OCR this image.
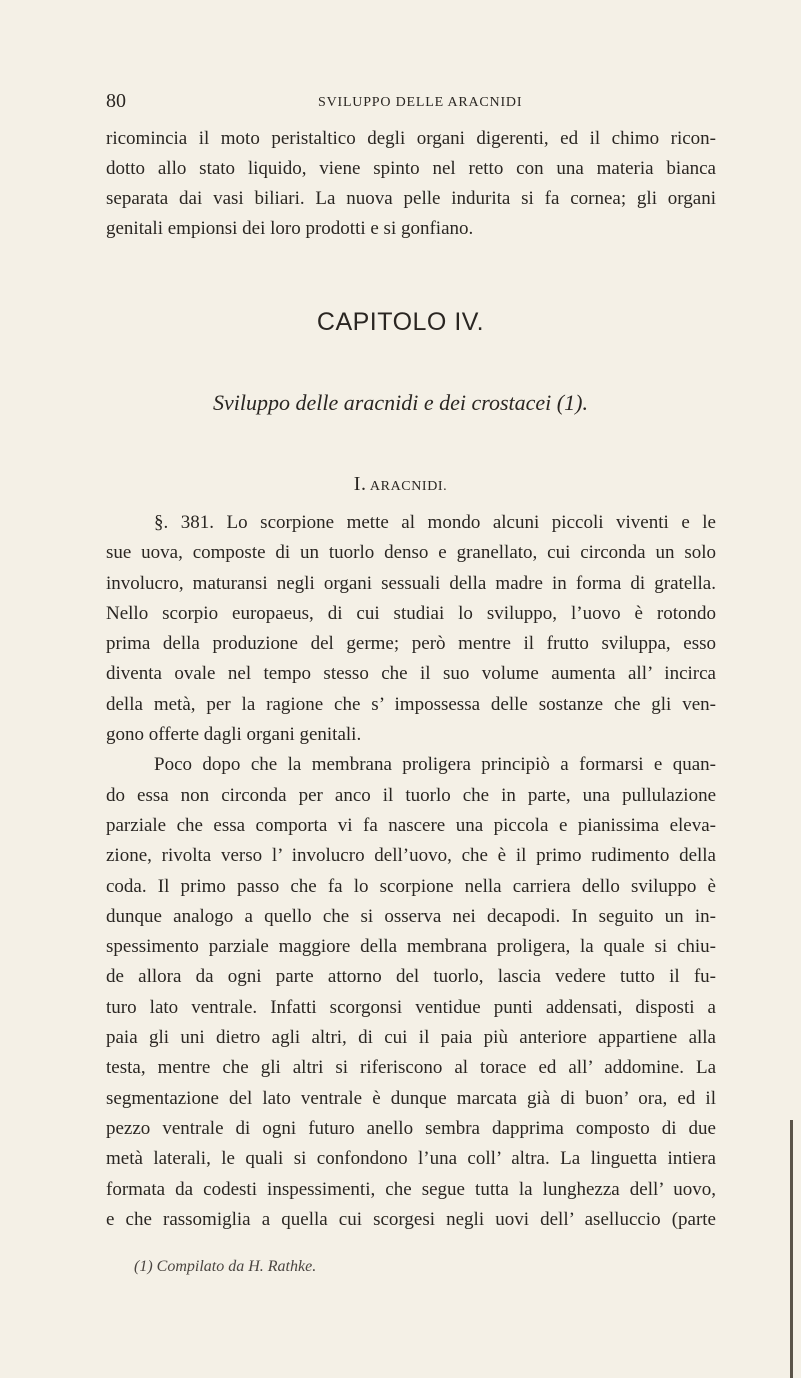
80	SVILUPPO DELLE ARACNIDI
ricomincia il moto peristaltico degli organi digerenti, ed il chimo ricon-
dotto allo stato liquido, viene spinto nel retto con una materia bianca
separata dai vasi biliari. La nuova pelle indurita si fa cornea; gli organi
genitali empionsi dei loro prodotti e si gonfiano.
CAPITOLO IV.
Sviluppo delle aracnidi e dei crostacei (1).
I. ARACNIDI.
§. 381. Lo scorpione mette al mondo alcuni piccoli viventi e le
sue uova, composte di un tuorlo denso e granellato, cui circonda un solo
involucro, maturansi negli organi sessuali della madre in forma di gratella.
Nello scorpio europaeus, di cui studiai lo sviluppo, l’uovo è rotondo
prima della produzione del germe; però mentre il frutto sviluppa, esso
diventa ovale nel tempo stesso che il suo volume aumenta all’ incirca
della metà, per la ragione che s’ impossessa delle sostanze che gli ven-
gono offerte dagli organi genitali.
Poco dopo che la membrana proligera principiò a formarsi e quan-
do essa non circonda per anco il tuorlo che in parte, una pullulazione
parziale che essa comporta vi fa nascere una piccola e pianissima eleva-
zione, rivolta verso l’ involucro dell’uovo, che è il primo rudimento della
coda. Il primo passo che fa lo scorpione nella carriera dello sviluppo è
dunque analogo a quello che si osserva nei decapodi. In seguito un in-
spessimento parziale maggiore della membrana proligera, la quale si chiu-
de allora da ogni parte attorno del tuorlo, lascia vedere tutto il fu-
turo lato ventrale. Infatti scorgonsi ventidue punti addensati, disposti a
paia gli uni dietro agli altri, di cui il paia più anteriore appartiene alla
testa, mentre che gli altri si riferiscono al torace ed all’ addomine. La
segmentazione del lato ventrale è dunque marcata già di buon’ ora, ed il
pezzo ventrale di ogni futuro anello sembra dapprima composto di due
metà laterali, le quali si confondono l’una coll’ altra. La linguetta intiera
formata da codesti inspessimenti, che segue tutta la lunghezza dell’ uovo,
e che rassomiglia a quella cui scorgesi negli uovi dell’ aselluccio (parte
(1) Compilato da H. Rathke.
